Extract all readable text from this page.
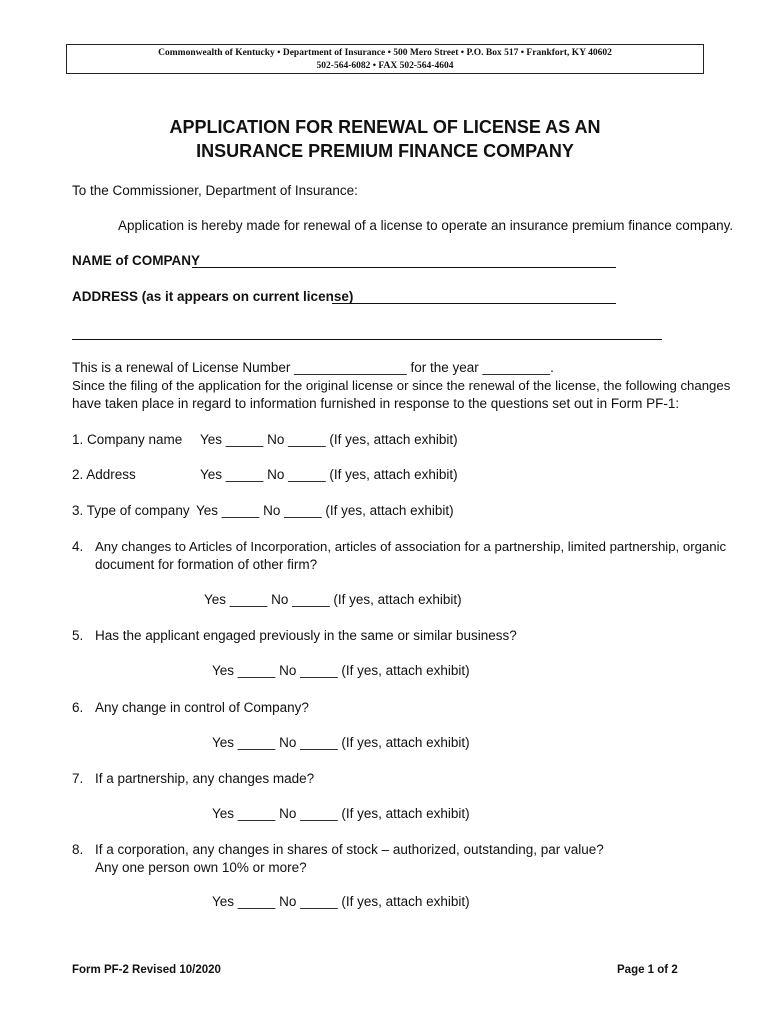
Commonwealth of Kentucky • Department of Insurance • 500 Mero Street • P.O. Box 517 • Frankfort, KY 40602
502-564-6082 • FAX 502-564-4604
APPLICATION FOR RENEWAL OF LICENSE AS AN
INSURANCE PREMIUM FINANCE COMPANY
To the Commissioner, Department of Insurance:
Application is hereby made for renewal of a license to operate an insurance premium finance company.
NAME of COMPANY
ADDRESS (as it appears on current license)
This is a renewal of License Number _______________ for the year _________.
Since the filing of the application for the original license or since the renewal of the license, the following changes
have taken place in regard to information furnished in response to the questions set out in Form PF-1:
1. Company name Yes _____ No _____ (If yes, attach exhibit)
2. Address	Yes _____ No _____ (If yes, attach exhibit)
3. Type of company Yes _____ No _____ (If yes, attach exhibit)
4. Any changes to Articles of Incorporation, articles of association for a partnership, limited partnership, organic
document for formation of other firm?
Yes _____ No _____ (If yes, attach exhibit)
5. Has the applicant engaged previously in the same or similar business?
Yes _____ No _____ (If yes, attach exhibit)
6. Any change in control of Company?
Yes _____ No _____ (If yes, attach exhibit)
7. If a partnership, any changes made?
Yes _____ No _____ (If yes, attach exhibit)
8. If a corporation, any changes in shares of stock – authorized, outstanding, par value?
Any one person own 10% or more?
Yes _____ No _____ (If yes, attach exhibit)
Form PF-2 Revised 10/2020	Page 1 of 2
